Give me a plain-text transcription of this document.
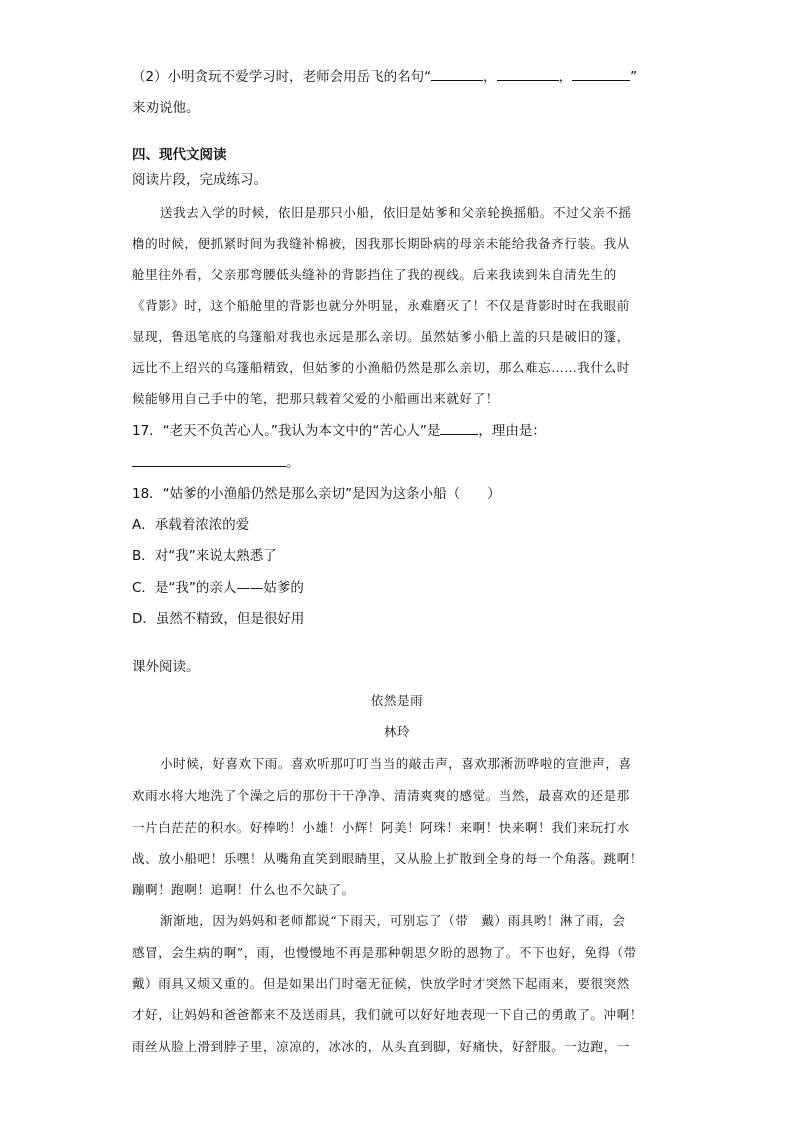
（2）小明贪玩不爱学习时，老师会用岳飞的名句“	，	，	”
来劝说他。
四、现代文阅读
阅读片段，完成练习。
送我去入学的时候，依旧是那只小船，依旧是姑爹和父亲轮换摇船。不过父亲不摇
橹的时候，便抓紧时间为我缝补棉被，因我那长期卧病的母亲未能给我备齐行装。我从
舱里往外看，父亲那弯腰低头缝补的背影挡住了我的视线。后来我读到朱自清先生的
《背影》时，这个船舱里的背影也就分外明显，永难磨灭了！不仅是背影时时在我眼前
显现，鲁迅笔底的乌篷船对我也永远是那么亲切。虽然姑爹小船上盖的只是破旧的篷，
远比不上绍兴的乌篷船精致，但姑爹的小渔船仍然是那么亲切，那么难忘……我什么时
候能够用自己手中的笔，把那只载着父爱的小船画出来就好了！
17．“老天不负苦心人。”我认为本文中的“苦心人”是	，理由是：
。
18．“姑爹的小渔船仍然是那么亲切”是因为这条小船（　　）
A．承载着浓浓的爱
B．对“我”来说太熟悉了
C．是“我”的亲人——姑爹的
D．虽然不精致，但是很好用
课外阅读。
依然是雨
林玲
小时候，好喜欢下雨。喜欢听那叮叮当当的敲击声，喜欢那淅沥哗啦的宣泄声，喜
欢雨水将大地洗了个澡之后的那份干干净净、清清爽爽的感觉。当然，最喜欢的还是那
一片白茫茫的积水。好棒哟！小雄！小辉！阿美！阿珠！来啊！快来啊！我们来玩打水
战、放小船吧！乐嘿！从嘴角直笑到眼睛里，又从脸上扩散到全身的每一个角落。跳啊！
蹦啊！跑啊！追啊！什么也不欠缺了。
渐渐地，因为妈妈和老师都说“下雨天，可别忘了（带　戴）雨具哟！淋了雨，会
感冒，会生病的啊”，雨，也慢慢地不再是那种朝思夕盼的恩物了。不下也好，免得（带
戴）雨具又烦又重的。但是如果出门时毫无征候，快放学时才突然下起雨来，要很突然
才好，让妈妈和爸爸都来不及送雨具，我们就可以好好地表现一下自己的勇敢了。冲啊！
雨丝从脸上滑到脖子里，凉凉的，冰冰的，从头直到脚，好痛快，好舒服。一边跑，一
